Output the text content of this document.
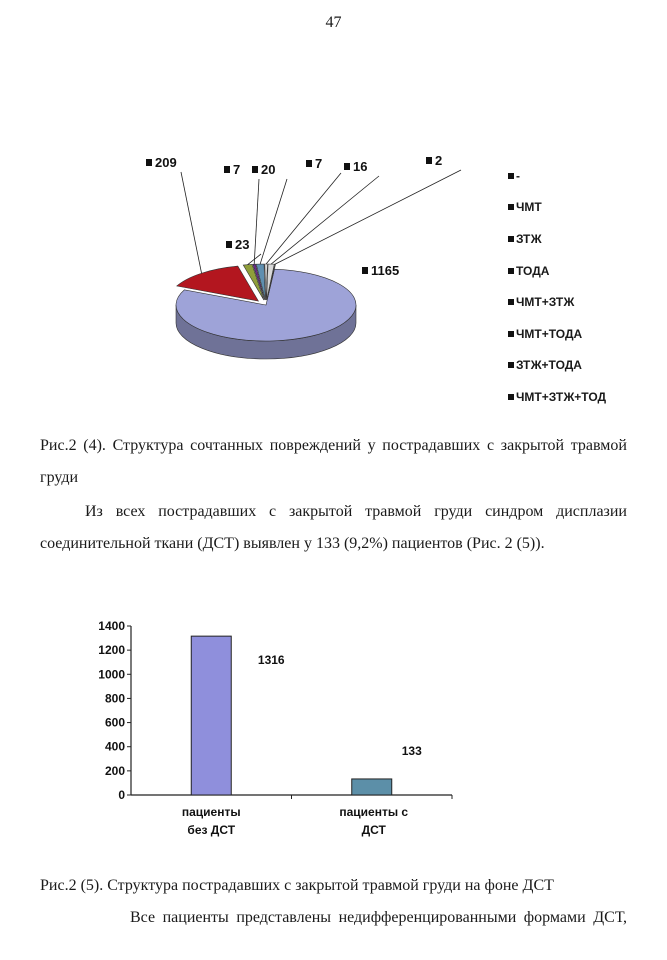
47
1165
209
23
7 20	7 16	2
-
ЧМТ
ЗТЖ
ТОДА
ЧМТ+ЗТЖ
ЧМТ+ТОДА
ЗТЖ+ТОДА
ЧМТ+ЗТЖ+ТОД
Рис.2 (4). Структура сочтанных повреждений у пострадавших с закрытой травмой груди
Из всех пострадавших с закрытой травмой груди синдром дисплазии соединительной ткани (ДСТ) выявлен у 133 (9,2%) пациентов (Рис. 2 (5)).
0
200
400
600
800
1000
1200
1400
1316
пациенты
без ДСТ
133
пациенты с
ДСТ
Рис.2 (5). Структура пострадавших с закрытой травмой груди на фоне ДСТ
Все пациенты представлены недифференцированными формами ДСТ,
